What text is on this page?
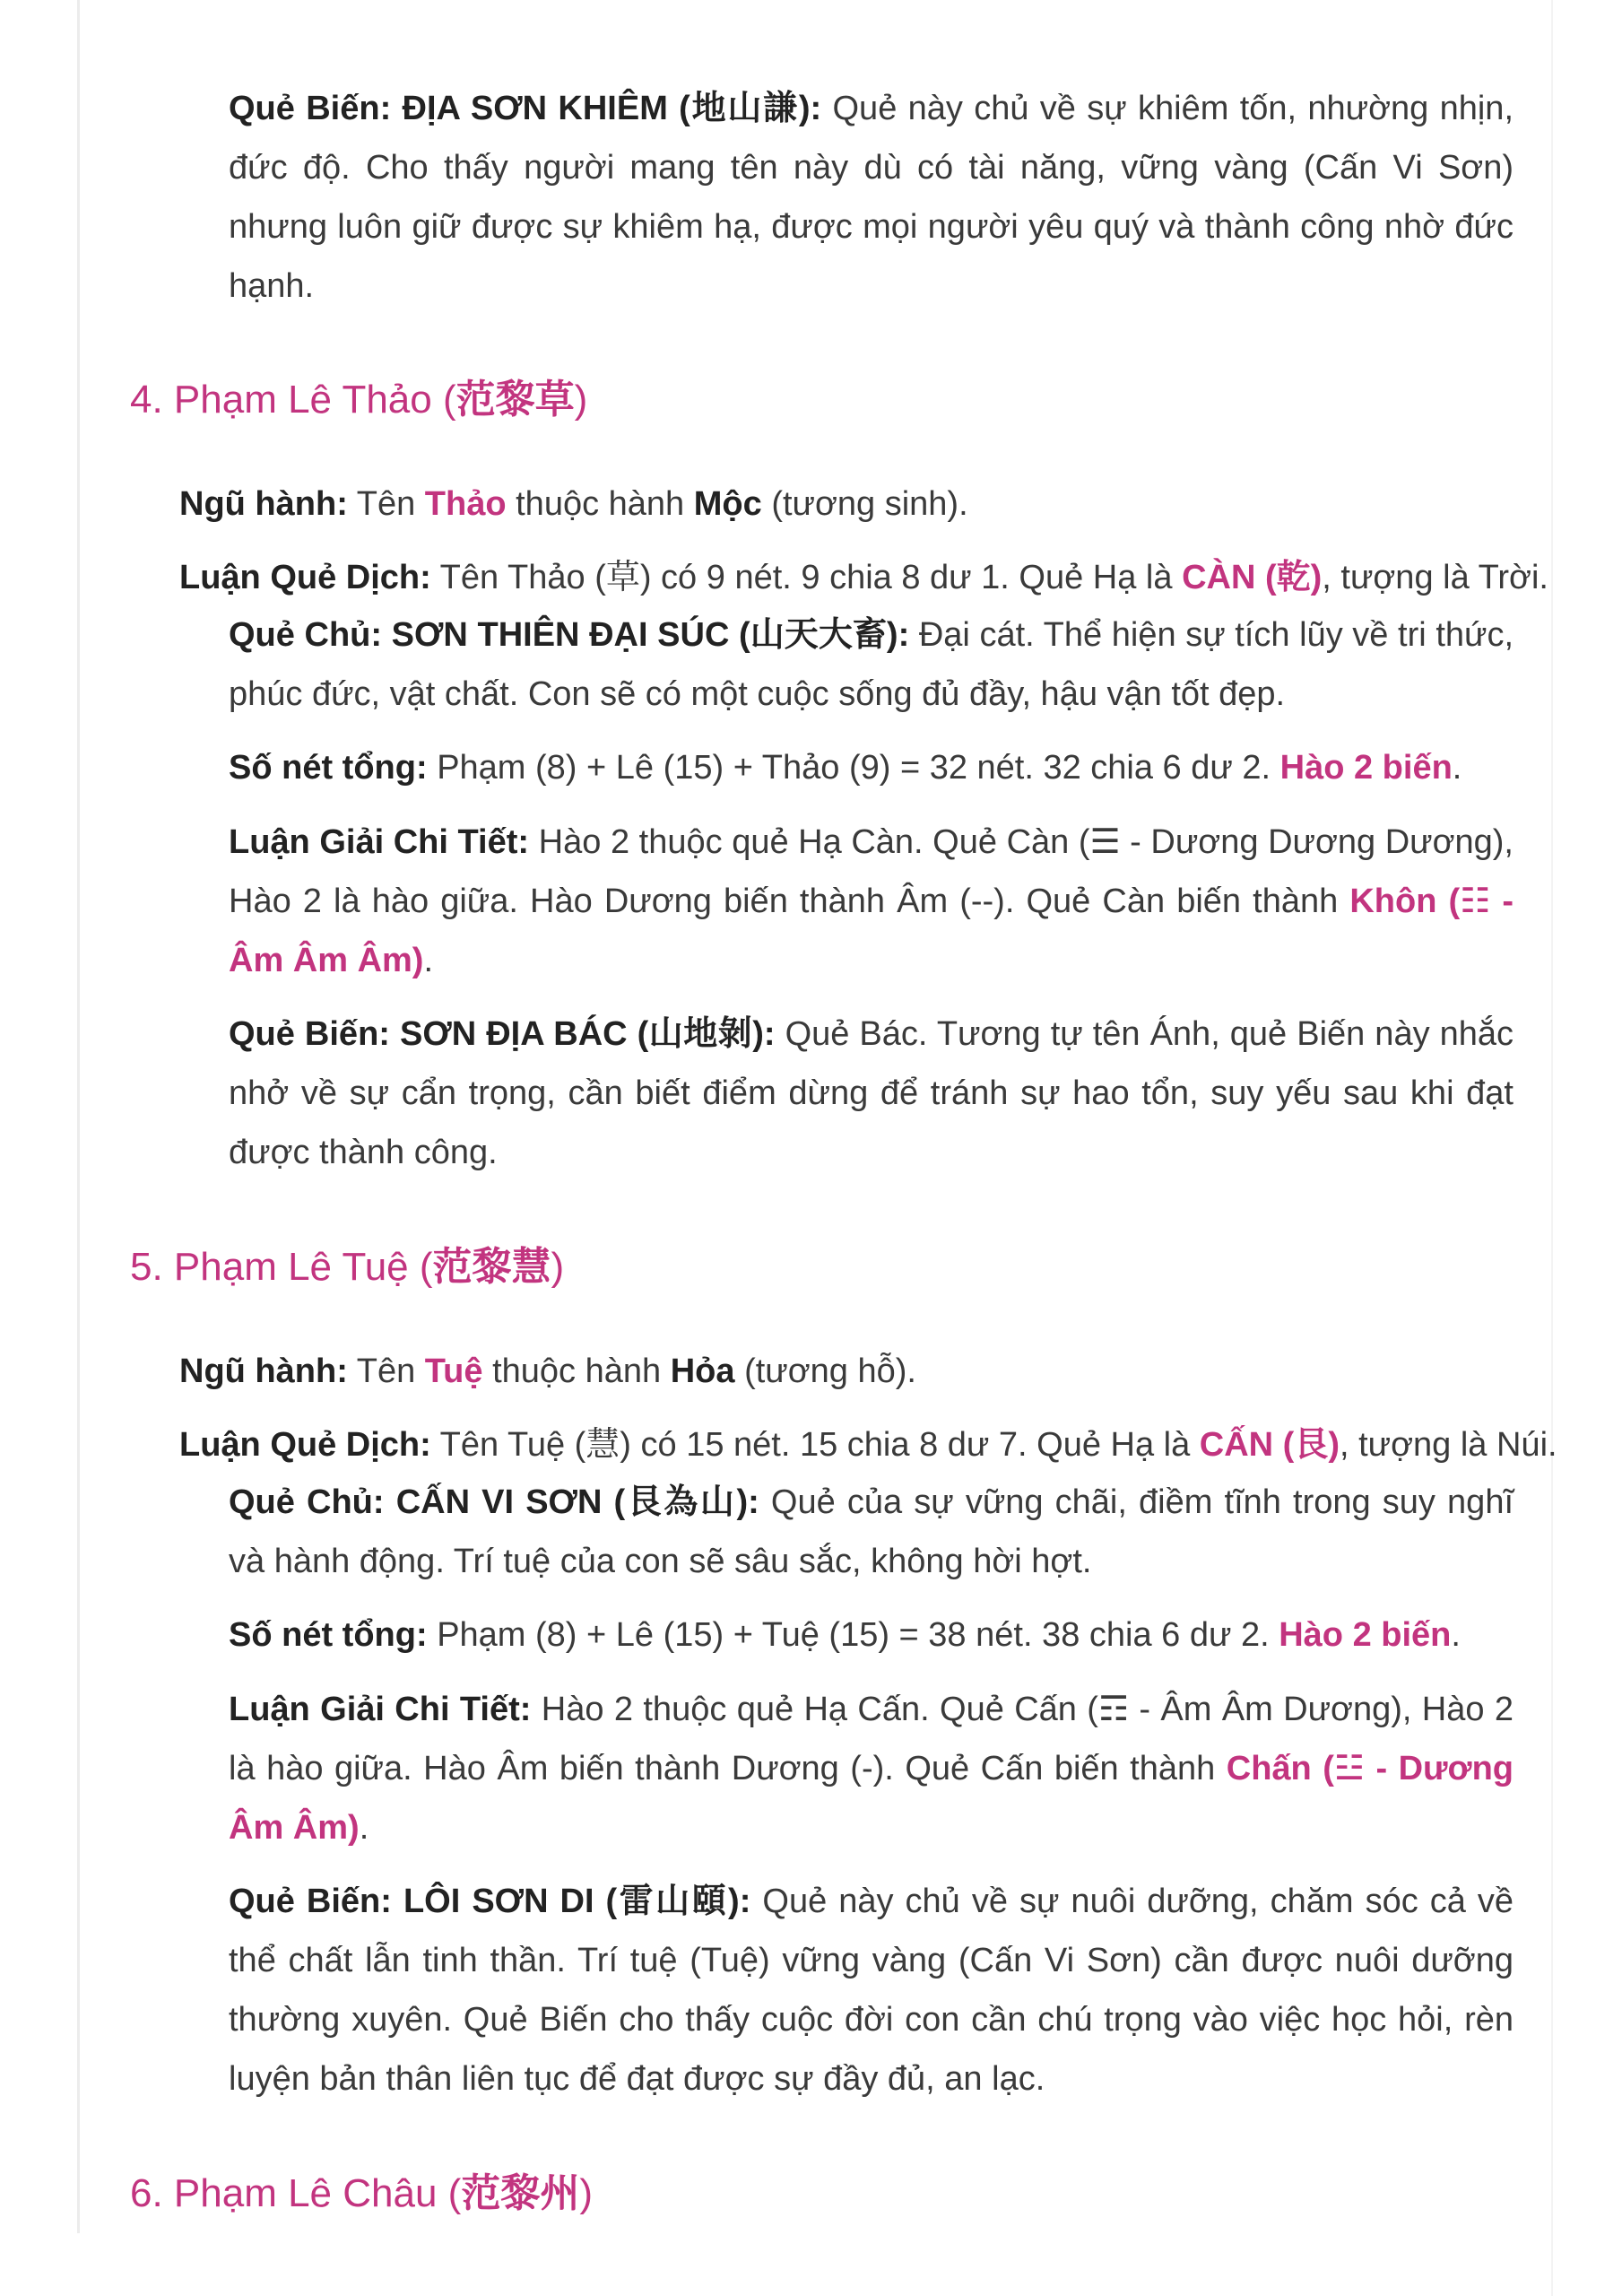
Quẻ Biến: ĐỊA SƠN KHIÊM (地山謙): Quẻ này chủ về sự khiêm tốn, nhường nhịn, đức độ. Cho thấy người mang tên này dù có tài năng, vững vàng (Cấn Vi Sơn) nhưng luôn giữ được sự khiêm hạ, được mọi người yêu quý và thành công nhờ đức hạnh.

4. Phạm Lê Thảo (范黎草)

Ngũ hành: Tên Thảo thuộc hành Mộc (tương sinh).

Luận Quẻ Dịch: Tên Thảo (草) có 9 nét. 9 chia 8 dư 1. Quẻ Hạ là CÀN (乾), tượng là Trời.

Quẻ Chủ: SƠN THIÊN ĐẠI SÚC (山天大畜): Đại cát. Thể hiện sự tích lũy về tri thức, phúc đức, vật chất. Con sẽ có một cuộc sống đủ đầy, hậu vận tốt đẹp.

Số nét tổng: Phạm (8) + Lê (15) + Thảo (9) = 32 nét. 32 chia 6 dư 2. Hào 2 biến.

Luận Giải Chi Tiết: Hào 2 thuộc quẻ Hạ Càn. Quẻ Càn (☰ - Dương Dương Dương), Hào 2 là hào giữa. Hào Dương biến thành Âm (--). Quẻ Càn biến thành Khôn (☷ - Âm Âm Âm).

Quẻ Biến: SƠN ĐỊA BÁC (山地剝): Quẻ Bác. Tương tự tên Ánh, quẻ Biến này nhắc nhở về sự cẩn trọng, cần biết điểm dừng để tránh sự hao tổn, suy yếu sau khi đạt được thành công.

5. Phạm Lê Tuệ (范黎慧)

Ngũ hành: Tên Tuệ thuộc hành Hỏa (tương hỗ).

Luận Quẻ Dịch: Tên Tuệ (慧) có 15 nét. 15 chia 8 dư 7. Quẻ Hạ là CẤN (艮), tượng là Núi.

Quẻ Chủ: CẤN VI SƠN (艮為山): Quẻ của sự vững chãi, điềm tĩnh trong suy nghĩ và hành động. Trí tuệ của con sẽ sâu sắc, không hời hợt.

Số nét tổng: Phạm (8) + Lê (15) + Tuệ (15) = 38 nét. 38 chia 6 dư 2. Hào 2 biến.

Luận Giải Chi Tiết: Hào 2 thuộc quẻ Hạ Cấn. Quẻ Cấn (☶ - Âm Âm Dương), Hào 2 là hào giữa. Hào Âm biến thành Dương (-). Quẻ Cấn biến thành Chấn (☳ - Dương Âm Âm).

Quẻ Biến: LÔI SƠN DI (雷山頤): Quẻ này chủ về sự nuôi dưỡng, chăm sóc cả về thể chất lẫn tinh thần. Trí tuệ (Tuệ) vững vàng (Cấn Vi Sơn) cần được nuôi dưỡng thường xuyên. Quẻ Biến cho thấy cuộc đời con cần chú trọng vào việc học hỏi, rèn luyện bản thân liên tục để đạt được sự đầy đủ, an lạc.

6. Phạm Lê Châu (范黎州)
